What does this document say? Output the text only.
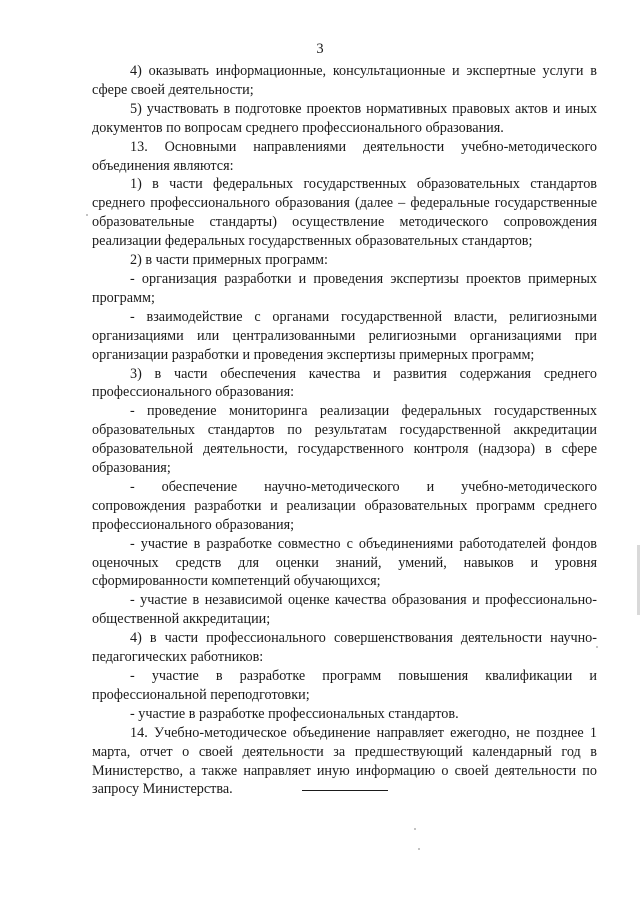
3

4) оказывать информационные, консультационные и экспертные услуги в сфере своей деятельности;

5) участвовать в подготовке проектов нормативных правовых актов и иных документов по вопросам среднего профессионального образования.

13. Основными направлениями деятельности учебно-методического объединения являются:

1) в части федеральных государственных образовательных стандартов среднего профессионального образования (далее – федеральные государственные образовательные стандарты) осуществление методического сопровождения реализации федеральных государственных образовательных стандартов;

2) в части примерных программ:

- организация разработки и проведения экспертизы проектов примерных программ;

- взаимодействие с органами государственной власти, религиозными организациями или централизованными религиозными организациями при организации разработки и проведения экспертизы примерных программ;

3) в части обеспечения качества и развития содержания среднего профессионального образования:

- проведение мониторинга реализации федеральных государственных образовательных стандартов по результатам государственной аккредитации образовательной деятельности, государственного контроля (надзора) в сфере образования;

- обеспечение научно-методического и учебно-методического сопровождения разработки и реализации образовательных программ среднего профессионального образования;

- участие в разработке совместно с объединениями работодателей фондов оценочных средств для оценки знаний, умений, навыков и уровня сформированности компетенций обучающихся;

- участие в независимой оценке качества образования и профессионально-общественной аккредитации;

4) в части профессионального совершенствования деятельности научно-педагогических работников:

- участие в разработке программ повышения квалификации и профессиональной переподготовки;

- участие в разработке профессиональных стандартов.

14. Учебно-методическое объединение направляет ежегодно, не позднее 1 марта, отчет о своей деятельности за предшествующий календарный год в Министерство, а также направляет иную информацию о своей деятельности по запросу Министерства.
